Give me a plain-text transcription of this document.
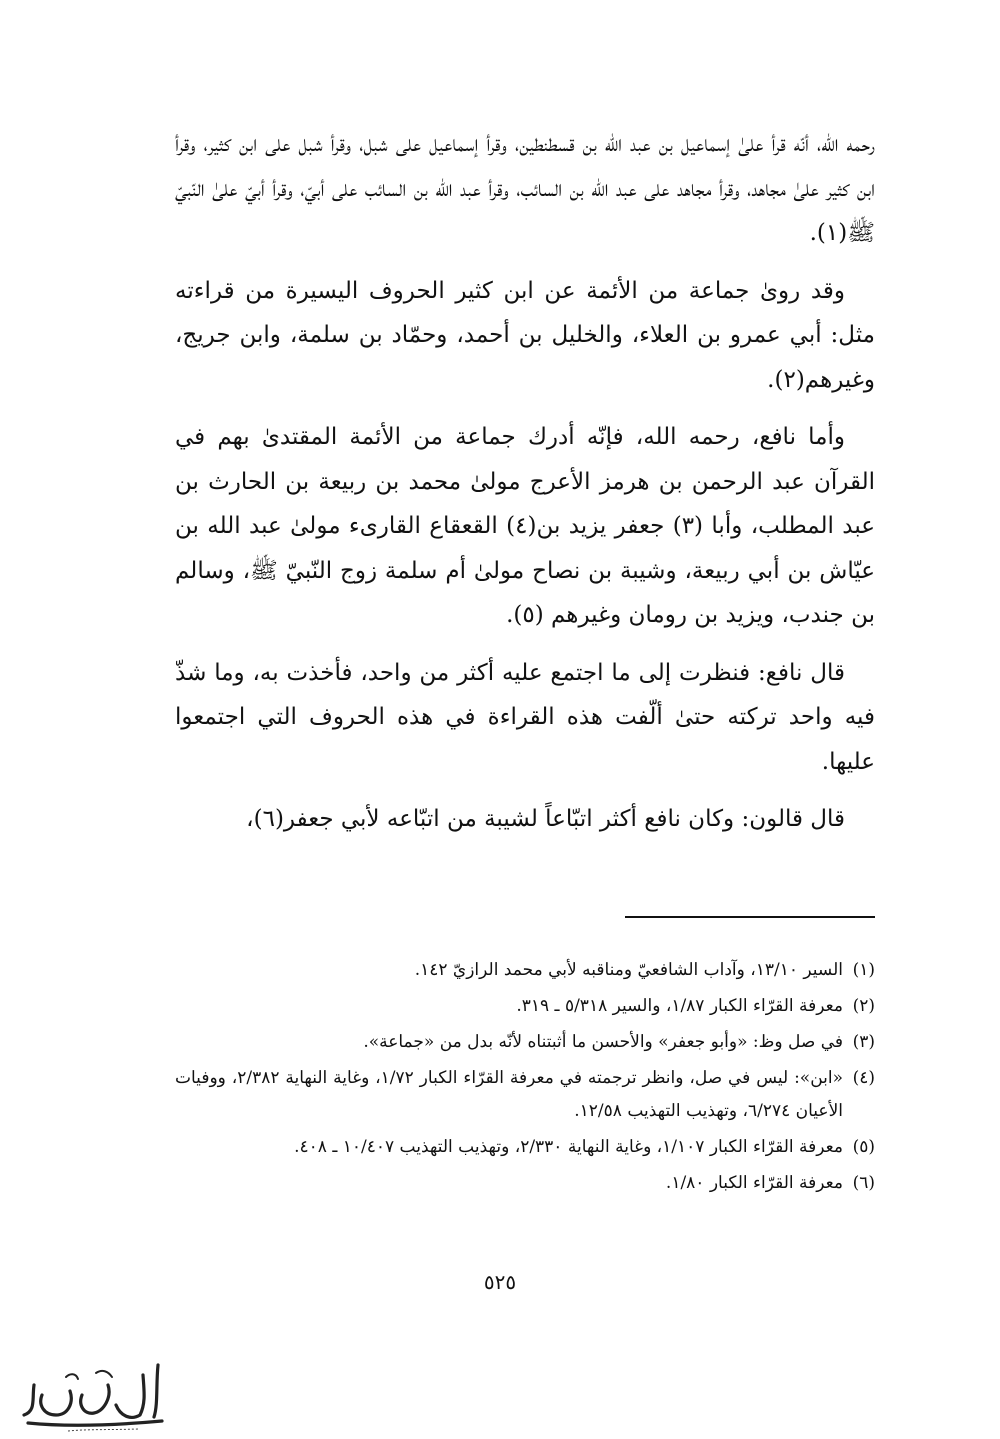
رحمه الله، أنّه قرأ علىٰ إسماعيل بن عبد الله بن قسطنطين، وقرأ إسماعيل على شبل، وقرأ شبل على ابن كثير، وقرأ ابن كثير علىٰ مجاهد، وقرأ مجاهد على عبد الله بن السائب، وقرأ عبد الله بن السائب على أبيّ، وقرأ أبيّ علىٰ النّبيّ ﷺ(١).

وقد روىٰ جماعة من الأئمة عن ابن كثير الحروف اليسيرة من قراءته مثل: أبي عمرو بن العلاء، والخليل بن أحمد، وحمّاد بن سلمة، وابن جريج، وغيرهم(٢).

وأما نافع، رحمه الله، فإنّه أدرك جماعة من الأئمة المقتدىٰ بهم في القرآن عبد الرحمن بن هرمز الأعرج مولىٰ محمد بن ربيعة بن الحارث بن عبد المطلب، وأبا (٣) جعفر يزيد بن(٤) القعقاع القارىء مولىٰ عبد الله بن عيّاش بن أبي ربيعة، وشيبة بن نصاح مولىٰ أم سلمة زوج النّبيّ ﷺ، وسالم بن جندب، ويزيد بن رومان وغيرهم (٥).

قال نافع: فنظرت إلى ما اجتمع عليه أكثر من واحد، فأخذت به، وما شذّ فيه واحد تركته حتىٰ ألّفت هذه القراءة في هذه الحروف التي اجتمعوا عليها.

قال قالون: وكان نافع أكثر اتبّاعاً لشيبة من اتبّاعه لأبي جعفر(٦)،

(١)السير ١٣/١٠، وآداب الشافعيّ ومناقبه لأبي محمد الرازيّ ١٤٢.
(٢)معرفة القرّاء الكبار ١/٨٧، والسير ٥/٣١٨ ـ ٣١٩.
(٣)في صل وظ: «وأبو جعفر» والأحسن ما أثبتناه لأنّه بدل من «جماعة».
(٤)«ابن»: ليس في صل، وانظر ترجمته في معرفة القرّاء الكبار ١/٧٢، وغاية النهاية ٢/٣٨٢، ووفيات الأعيان ٦/٢٧٤، وتهذيب التهذيب ١٢/٥٨.
(٥)معرفة القرّاء الكبار ١/١٠٧، وغاية النهاية ٢/٣٣٠، وتهذيب التهذيب ١٠/٤٠٧ ـ ٤٠٨.
(٦)معرفة القرّاء الكبار ١/٨٠.
٥٢٥
